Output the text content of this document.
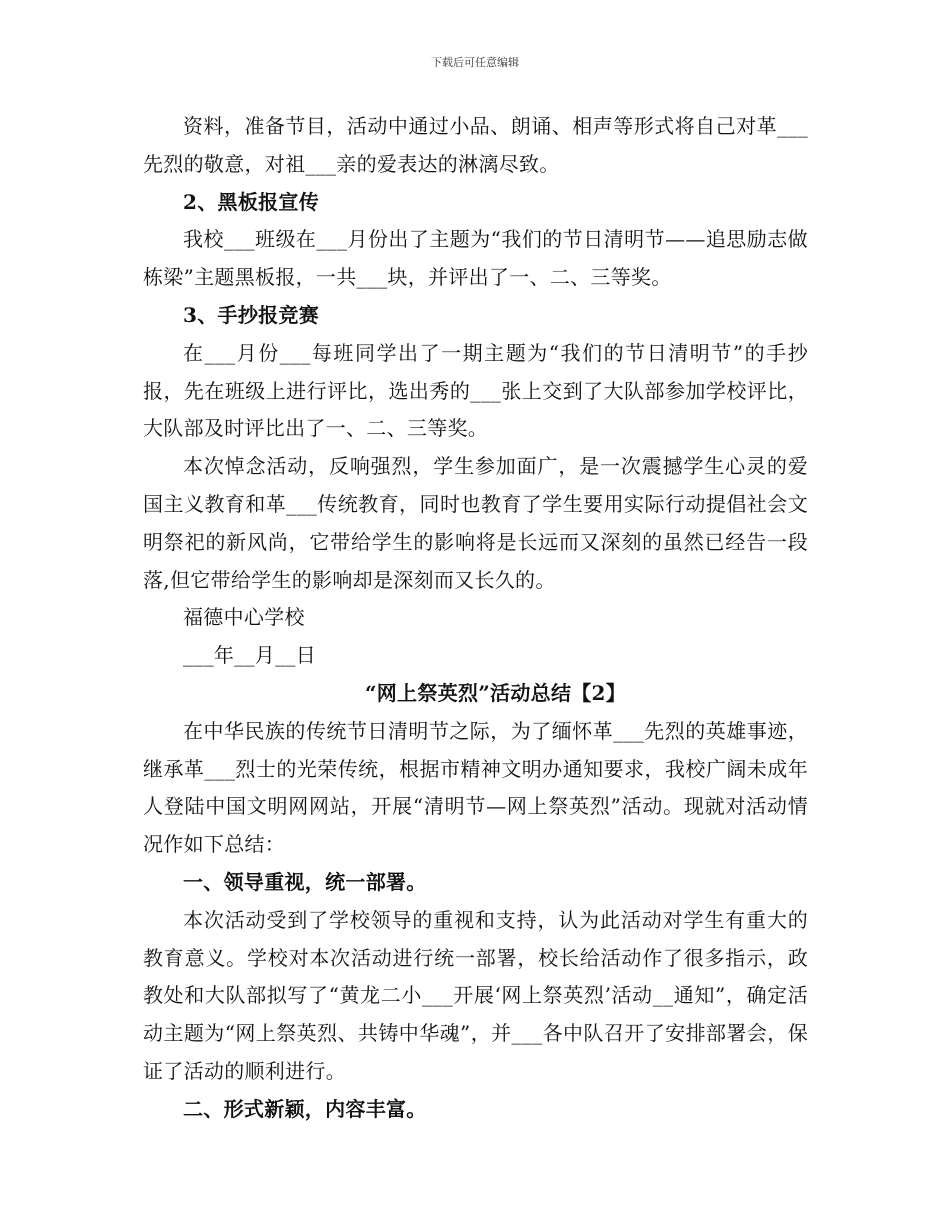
下载后可任意编辑

资料，准备节目，活动中通过小品、朗诵、相声等形式将自己对革___先烈的敬意，对祖___亲的爱表达的淋漓尽致。

2、黑板报宣传

我校___班级在___月份出了主题为“我们的节日清明节——追思励志做栋梁”主题黑板报，一共___块，并评出了一、二、三等奖。

3、手抄报竞赛

在___月份___每班同学出了一期主题为“我们的节日清明节”的手抄报，先在班级上进行评比，选出秀的___张上交到了大队部参加学校评比，大队部及时评比出了一、二、三等奖。

本次悼念活动，反响强烈，学生参加面广，是一次震撼学生心灵的爱国主义教育和革___传统教育，同时也教育了学生要用实际行动提倡社会文明祭祀的新风尚，它带给学生的影响将是长远而又深刻的虽然已经告一段落,但它带给学生的影响却是深刻而又长久的。

福德中心学校

___年__月__日

“网上祭英烈”活动总结【2】

在中华民族的传统节日清明节之际，为了缅怀革___先烈的英雄事迹，继承革___烈士的光荣传统，根据市精神文明办通知要求，我校广阔未成年人登陆中国文明网网站，开展“清明节—网上祭英烈”活动。现就对活动情况作如下总结：

一、领导重视，统一部署。

本次活动受到了学校领导的重视和支持，认为此活动对学生有重大的教育意义。学校对本次活动进行统一部署，校长给活动作了很多指示，政教处和大队部拟写了“黄龙二小___开展‘网上祭英烈’活动__通知”，确定活动主题为“网上祭英烈、共铸中华魂”，并___各中队召开了安排部署会，保证了活动的顺利进行。

二、形式新颖，内容丰富。
